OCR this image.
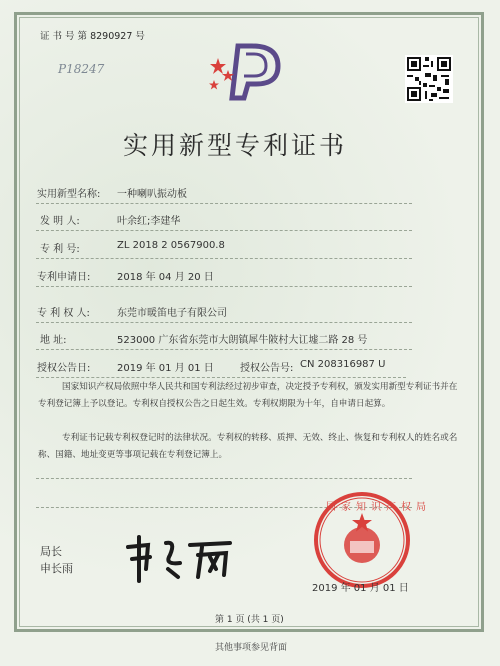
证 书 号 第 8290927 号
P18247
实用新型专利证书
实用新型名称: 一种喇叭振动板
发 明 人:	叶余红;李建华
专 利 号:	ZL 2018 2 0567900.8
专利申请日:	2018 年 04 月 20 日
专 利 权 人:	东莞市暖笛电子有限公司
地 址:	523000 广东省东莞市大朗镇犀牛陂村大讧墟二路 28 号
授权公告日:	2019 年 01 月 01 日	授权公告号: CN 208316987 U
国家知识产权局依照中华人民共和国专利法经过初步审查，决定授予专利权，颁发实用新型专利证书并在专利登记簿上予以登记。专利权自授权公告之日起生效。专利权期限为十年，自申请日起算。
专利证书记载专利权登记时的法律状况。专利权的转移、质押、无效、终止、恢复和专利权人的姓名或名称、国籍、地址变更等事项记载在专利登记簿上。
局长
申长雨
国家知识产权局
2019 年 01 月 01 日
第 1 页 (共 1 页)
其他事项参见背面
